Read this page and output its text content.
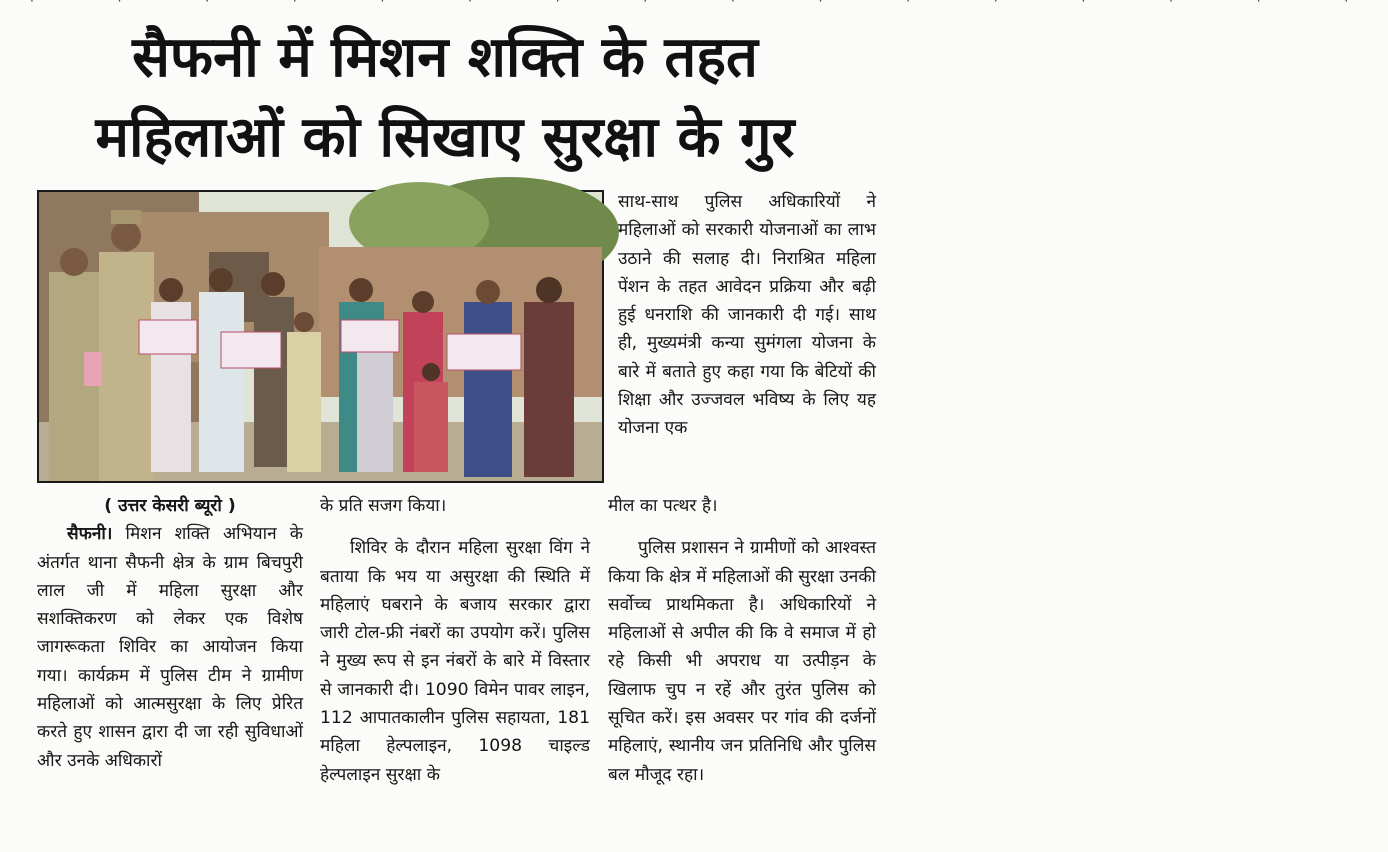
· · · · · · · · · · · · · · · ·
सैफनी में मिशन शक्ति के तहत
महिलाओं को सिखाए सुरक्षा के गुर

साथ-साथ पुलिस अधिकारियों ने महिलाओं को सरकारी योजनाओं का लाभ उठाने की सलाह दी। निराश्रित महिला पेंशन के तहत आवेदन प्रक्रिया और बढ़ी हुई धनराशि की जानकारी दी गई। साथ ही, मुख्यमंत्री कन्या सुमंगला योजना के बारे में बताते हुए कहा गया कि बेटियों की शिक्षा और उज्जवल भविष्य के लिए यह योजना एक

( उत्तर केसरी ब्यूरो )

सैफनी। मिशन शक्ति अभियान के अंतर्गत थाना सैफनी क्षेत्र के ग्राम बिचपुरी लाल जी में महिला सुरक्षा और सशक्तिकरण को लेकर एक विशेष जागरूकता शिविर का आयोजन किया गया। कार्यक्रम में पुलिस टीम ने ग्रामीण महिलाओं को आत्मसुरक्षा के लिए प्रेरित करते हुए शासन द्वारा दी जा रही सुविधाओं और उनके अधिकारों

के प्रति सजग किया।

शिविर के दौरान महिला सुरक्षा विंग ने बताया कि भय या असुरक्षा की स्थिति में महिलाएं घबराने के बजाय सरकार द्वारा जारी टोल-फ्री नंबरों का उपयोग करें। पुलिस ने मुख्य रूप से इन नंबरों के बारे में विस्तार से जानकारी दी। 1090 विमेन पावर लाइन, 112 आपातकालीन पुलिस सहायता, 181 महिला हेल्पलाइन, 1098 चाइल्ड हेल्पलाइन सुरक्षा के

मील का पत्थर है।

पुलिस प्रशासन ने ग्रामीणों को आश्वस्त किया कि क्षेत्र में महिलाओं की सुरक्षा उनकी सर्वोच्च प्राथमिकता है। अधिकारियों ने महिलाओं से अपील की कि वे समाज में हो रहे किसी भी अपराध या उत्पीड़न के खिलाफ चुप न रहें और तुरंत पुलिस को सूचित करें। इस अवसर पर गांव की दर्जनों महिलाएं, स्थानीय जन प्रतिनिधि और पुलिस बल मौजूद रहा।
